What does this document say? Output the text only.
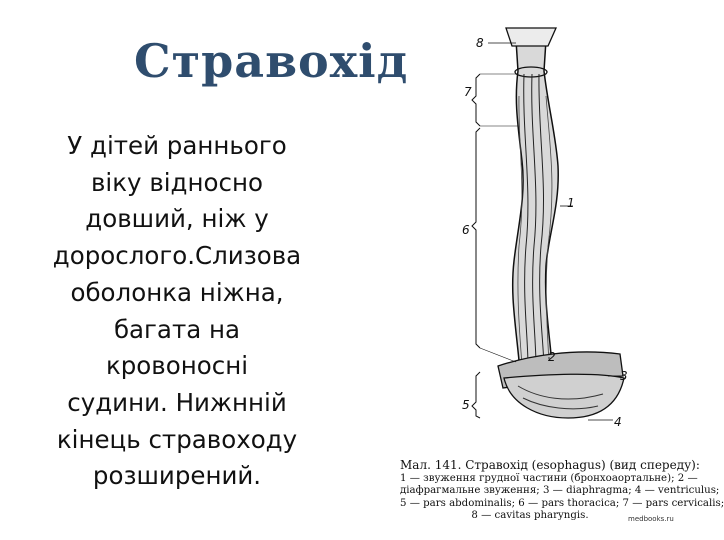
Стравохід
У дітей раннього
віку відносно
довший, ніж у
дорослого.Слизова
оболонка ніжна,
багата на
кровоносні
судини. Нижнній
кінець стравоходу
розширений.
8
7
6
5
1
2
3
4
Мал. 141. Стравохід (esophagus) (вид спереду):
1 — звуження грудної частини (бронхоаортальне); 2 —
діафрагмальне звуження; 3 — diaphragma; 4 — ventriculus;
5 — pars abdominalis; 6 — pars thoracica; 7 — pars cervicalis;
8 — cavitas pharyngis.	medbooks.ru
